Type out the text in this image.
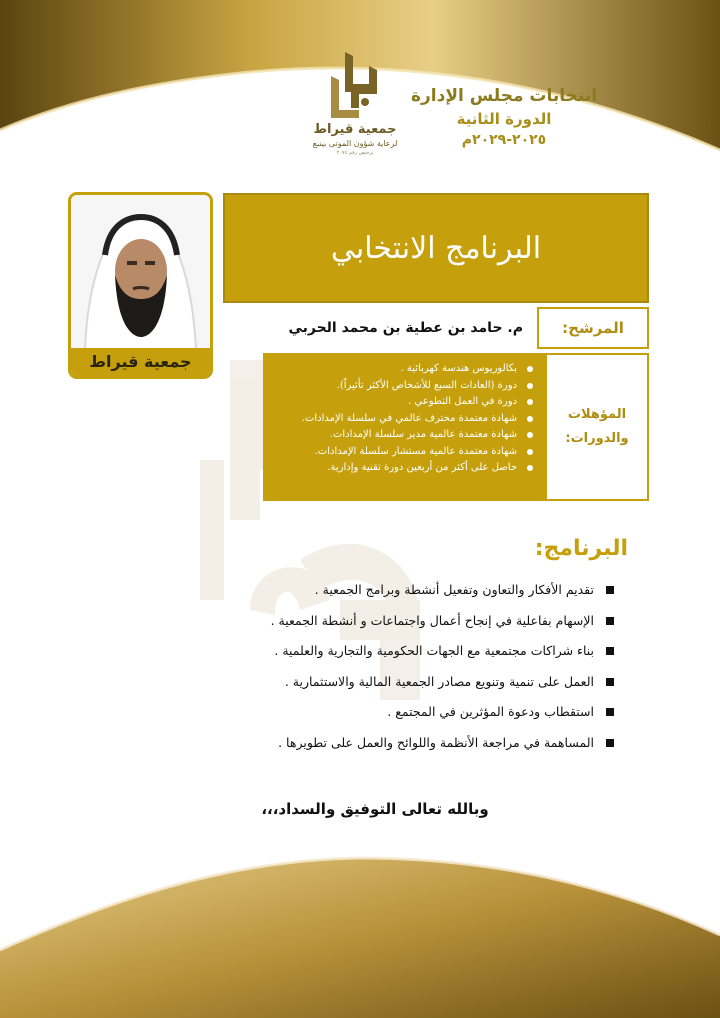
انتخابات مجلس الإدارة
الدورة الثانية
٢٠٢٥-٢٠٢٩م
جمعية قيراط
لرعاية شؤون الموتى بينبع
ترخيص رقم ٢٠٧٤
البرنامج الانتخابي
جمعية قيراط
المرشح:
م. حامد بن عطية بن محمد الحربي
المؤهلات
والدورات:
بكالوريوس هندسة كهربائية .
دورة (العادات السبع للأشخاص الأكثر تأثيراً).
دورة في العمل التطوعي .
شهادة معتمدة محترف عالمي في سلسلة الإمدادات.
شهادة معتمدة عالمية مدير سلسلة الإمدادات.
شهادة معتمدة عالمية مستشار سلسلة الإمدادات.
حاصل على أكثر من أربعين دورة تقنية وإدارية.
البرنامج:
تقديم الأفكار والتعاون وتفعيل أنشطة وبرامج الجمعية .
الإسهام بفاعلية في إنجاح أعمال واجتماعات و أنشطة الجمعية .
بناء شراكات مجتمعية مع الجهات الحكومية والتجارية والعلمية .
العمل على تنمية وتنويع مصادر الجمعية المالية والاستثمارية .
استقطاب ودعوة المؤثرين في المجتمع .
المساهمة في مراجعة الأنظمة واللوائح والعمل على تطويرها .
وبالله تعالى التوفيق والسداد،،،
